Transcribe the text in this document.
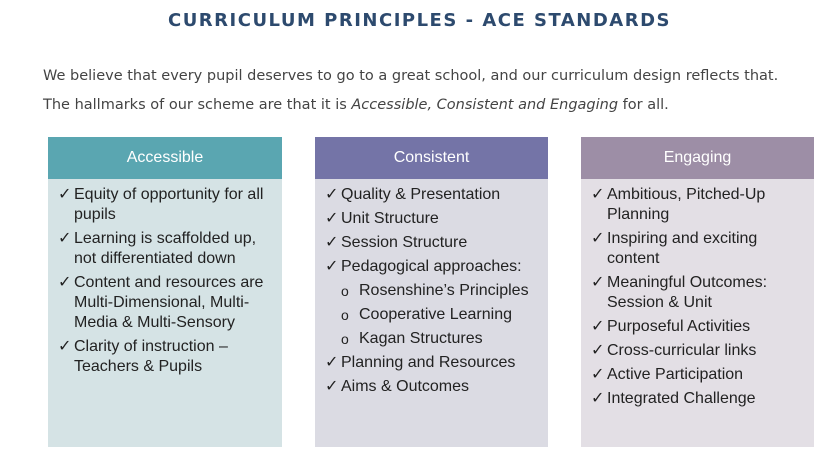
CURRICULUM PRINCIPLES - ACE STANDARDS
We believe that every pupil deserves to go to a great school, and our curriculum design reflects that.
The hallmarks of our scheme are that it is Accessible, Consistent and Engaging for all.
Accessible
✓ Equity of opportunity for all pupils
✓ Learning is scaffolded up, not differentiated down
✓ Content and resources are Multi-Dimensional, Multi-Media & Multi-Sensory
✓ Clarity of instruction – Teachers & Pupils
Consistent
✓ Quality & Presentation
✓ Unit Structure
✓ Session Structure
✓ Pedagogical approaches:
o Rosenshine’s Principles
o Cooperative Learning
o Kagan Structures
✓ Planning and Resources
✓ Aims & Outcomes
Engaging
✓ Ambitious, Pitched-Up Planning
✓ Inspiring and exciting content
✓ Meaningful Outcomes: Session & Unit
✓ Purposeful Activities
✓ Cross-curricular links
✓ Active Participation
✓ Integrated Challenge
